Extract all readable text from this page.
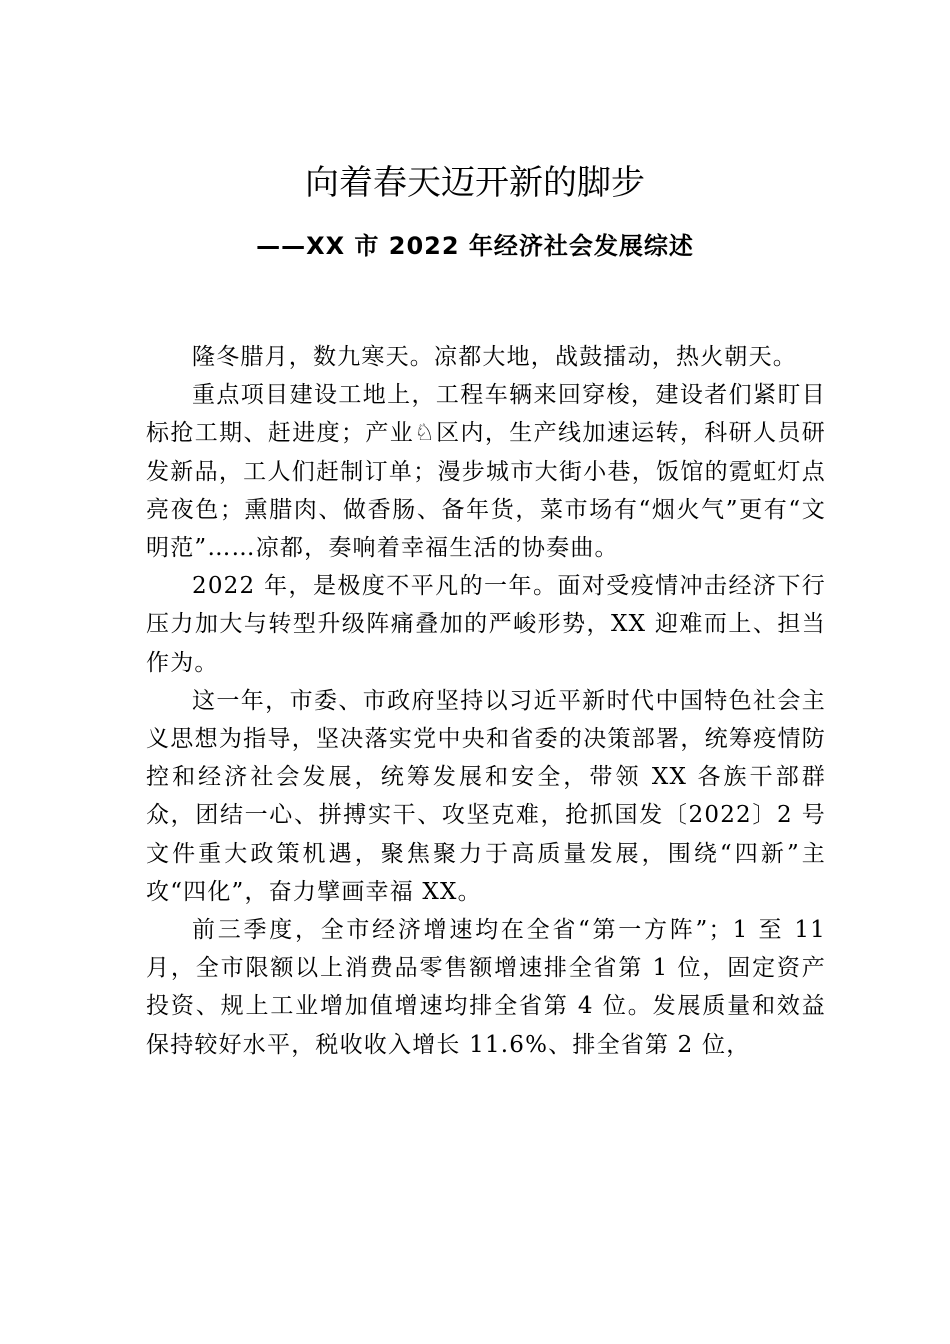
向着春天迈开新的脚步
——XX 市 2022 年经济社会发展综述

隆冬腊月，数九寒天。凉都大地，战鼓擂动，热火朝天。

重点项目建设工地上，工程车辆来回穿梭，建设者们紧盯目标抢工期、赶进度；产业♘区内，生产线加速运转，科研人员研发新品，工人们赶制订单；漫步城市大街小巷，饭馆的霓虹灯点亮夜色；熏腊肉、做香肠、备年货，菜市场有“烟火气”更有“文明范”……凉都，奏响着幸福生活的协奏曲。

2022 年，是极度不平凡的一年。面对受疫情冲击经济下行压力加大与转型升级阵痛叠加的严峻形势，XX 迎难而上、担当作为。

这一年，市委、市政府坚持以习近平新时代中国特色社会主义思想为指导，坚决落实党中央和省委的决策部署，统筹疫情防控和经济社会发展，统筹发展和安全，带领 XX 各族干部群众，团结一心、拼搏实干、攻坚克难，抢抓国发〔2022〕2 号文件重大政策机遇，聚焦聚力于高质量发展，围绕“四新”主攻“四化”，奋力擘画幸福 XX。

前三季度，全市经济增速均在全省“第一方阵”；1 至 11 月，全市限额以上消费品零售额增速排全省第 1 位，固定资产投资、规上工业增加值增速均排全省第 4 位。发展质量和效益保持较好水平，税收收入增长 11.6%、排全省第 2 位，
